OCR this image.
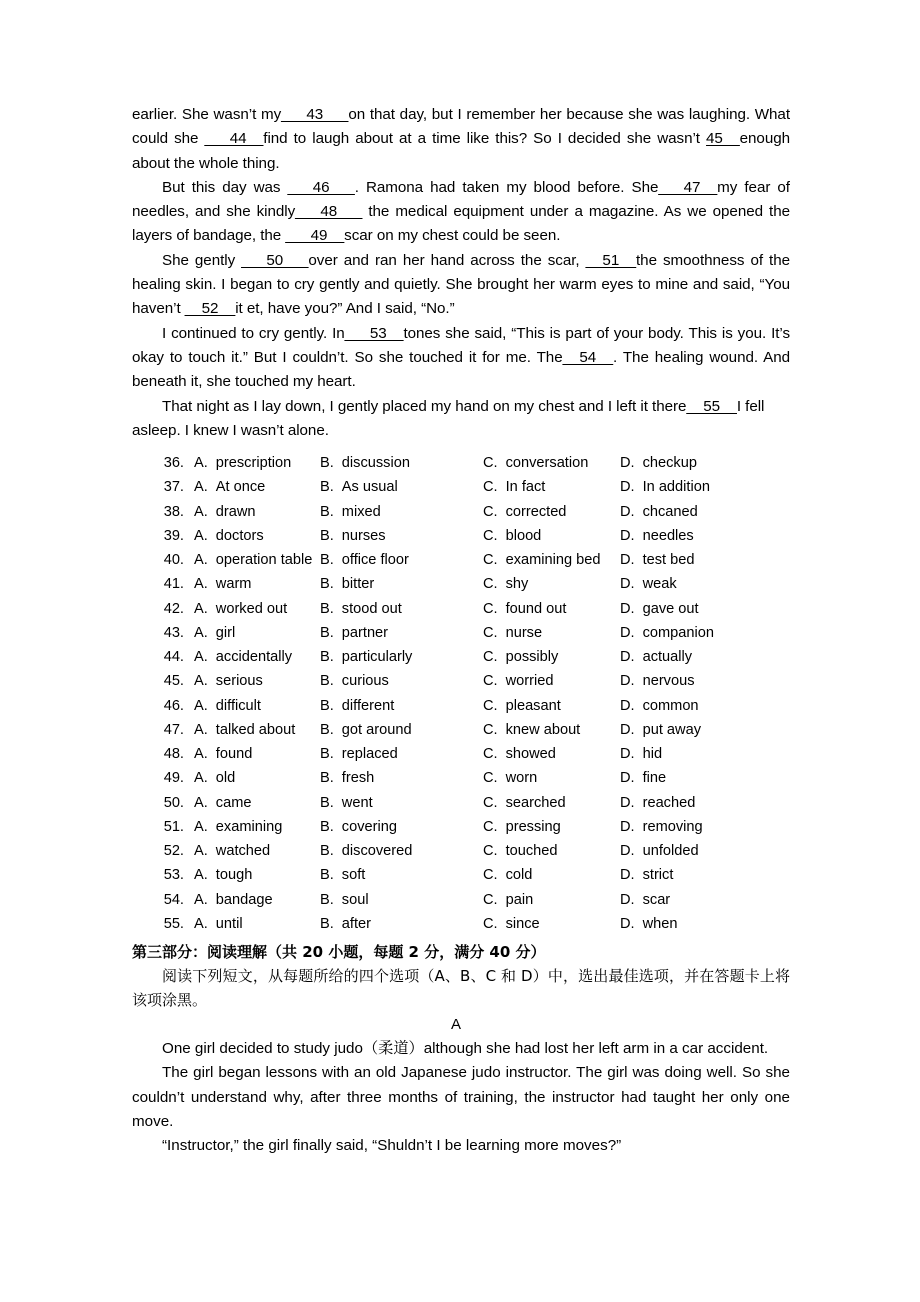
earlier. She wasn’t my___43___on that day, but I remember her because she was laughing. What could she ___44__find to laugh about at a time like this? So I decided she wasn’t 45__enough about the whole thing.

But this day was ___46___. Ramona had taken my blood before. She___47__my fear of needles, and she kindly___48___ the medical equipment under a magazine. As we opened the layers of bandage, the ___49__scar on my chest could be seen.

She gently ___50___over and ran her hand across the scar, __51__the smoothness of the healing skin. I began to cry gently and quietly. She brought her warm eyes to mine and said, “You haven’t __52__it et, have you?” And I said, “No.”

I continued to cry gently. In___53__tones she said, “This is part of your body. This is you. It’s okay to touch it.” But I couldn’t. So she touched it for me. The__54__. The healing wound. And beneath it, she touched my heart.

That night as I lay down, I gently placed my hand on my chest and I left it there__55__I fell asleep. I knew I wasn’t alone.

36. A. prescription B. discussion	C. conversation D. checkup
37. A. At once	B. As usual	C. In fact	D. In addition
38. A. drawn	B. mixed	C. corrected	D. chcaned
39. A. doctors	B. nurses	C. blood	D. needles
40. A. operation table B. office floor	C. examining bed D. test bed
41. A. warm	B. bitter	C. shy	D. weak
42. A. worked out B. stood out	C. found out	D. gave out
43. A. girl	B. partner	C. nurse	D. companion
44. A. accidentally B. particularly	C. possibly	D. actually
45. A. serious	B. curious	C. worried	D. nervous
46. A. difficult	B. different	C. pleasant	D. common
47. A. talked about B. got around	C. knew about	D. put away
48. A. found	B. replaced	C. showed	D. hid
49. A. old	B. fresh	C. worn	D. fine
50. A. came	B. went	C. searched	D. reached
51. A. examining	B. covering	C. pressing	D. removing
52. A. watched	B. discovered	C. touched	D. unfolded
53. A. tough	B. soft	C. cold	D. strict
54. A. bandage	B. soul	C. pain	D. scar
55. A. until	B. after	C. since	D. when
第三部分：阅读理解（共 20 小题，每题 2 分，满分 40 分）

阅读下列短文，从每题所给的四个选项（A、B、C 和 D）中，选出最佳选项，并在答题卡上将该项涂黑。

A

One girl decided to study judo（柔道）although she had lost her left arm in a car accident.

The girl began lessons with an old Japanese judo instructor. The girl was doing well. So she couldn’t understand why, after three months of training, the instructor had taught her only one move.

“Instructor,” the girl finally said, “Shuldn’t I be learning more moves?”
